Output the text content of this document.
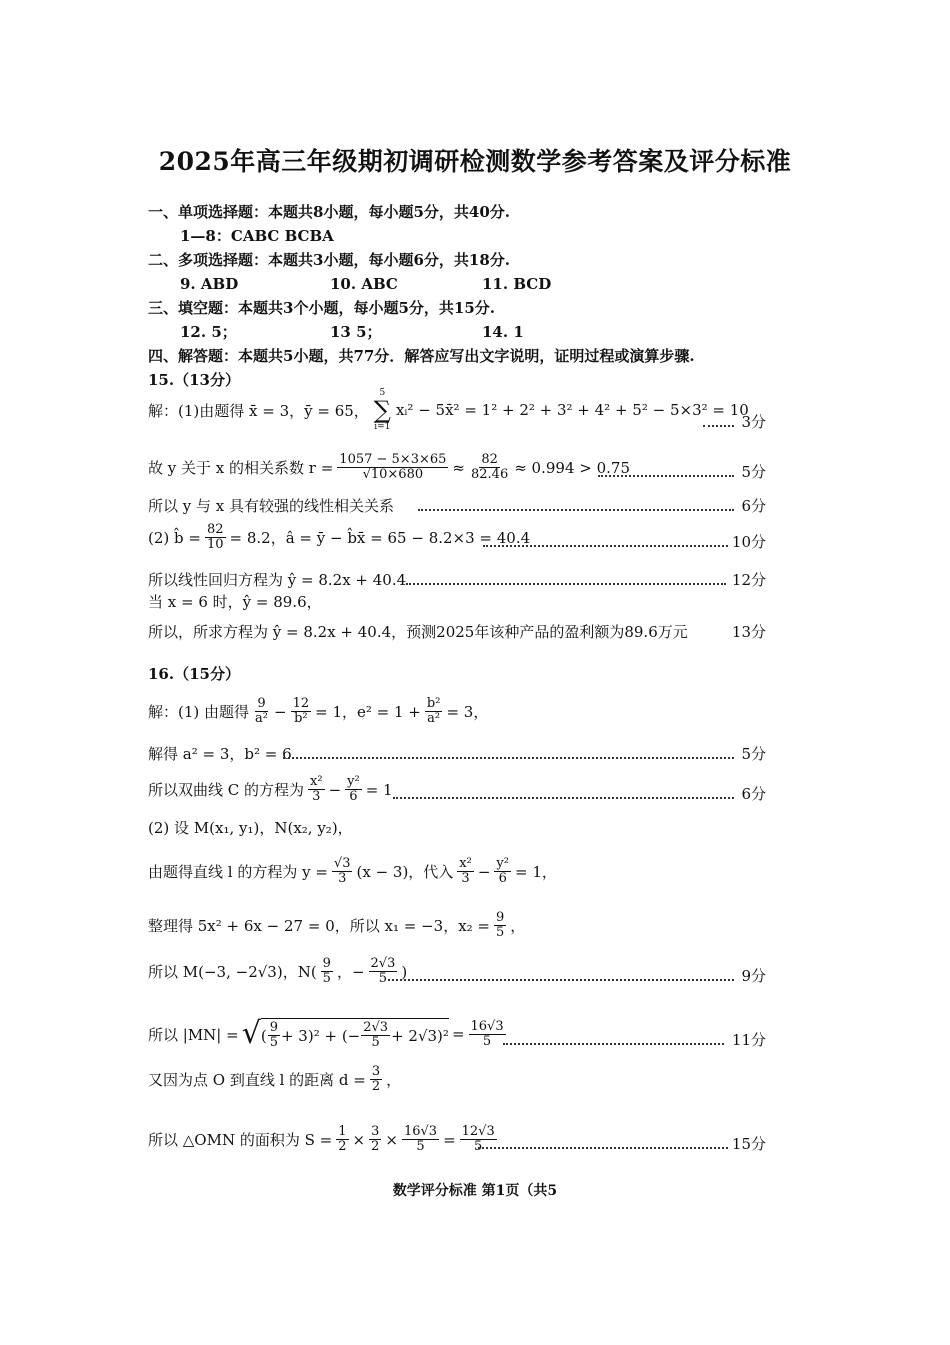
2025年高三年级期初调研检测数学参考答案及评分标准
一、单项选择题：本题共8小题，每小题5分，共40分.
1—8：CABC BCBA
二、多项选择题：本题共3小题，每小题6分，共18分.
9. ABD	10. ABC	11. BCD
三、填空题：本题共3个小题，每小题5分，共15分.
12. 5；	13 5；	14. 1
四、解答题：本题共5小题，共77分．解答应写出文字说明，证明过程或演算步骤.
15.（13分）
解：(1)由题得 x̄ = 3，ȳ = 65，
5
∑
i=1
xᵢ² − 5x̄² = 1² + 2² + 3² + 4² + 5² − 5×3² = 10
3分
故 y 关于 x 的相关系数 $r = \frac{1057 - 5\times 3\times 65}{√10\times 680} \approx \frac{82}{82.46} \approx 0.994 > 0.75$	5分
所以 y 与 x 具有较强的线性相关关系	6分
(2) b̂ = $\frac{82}{10} = 8.2$，â = ȳ − b̂x̄ = 65 − 8.2×3 = 40.4	10分
所以线性回归方程为 ŷ = 8.2x + 40.4	12分
当 x = 6 时，ŷ = 89.6，
所以，所求方程为 ŷ = 8.2x + 40.4，预测2025年该种产品的盈利额为89.6万元	13分
16.（15分）
解：(1) 由题得 $\frac{9}{\text{a²}} - \frac{12}{\text{b²}} = 1$，$e^2 = 1 + \frac{\text{b²}}{\text{a²}} = 3$，
解得 a² = 3，b² = 6	5分
所以双曲线 C 的方程为 $\frac{\text{x²}}{3} - \frac{\text{y²}}{6} = 1$	6分
(2) 设 M(x₁, y₁)，N(x₂, y₂)，
由题得直线 l 的方程为 $y = \frac{√3}{3} (x - 3)$，代入 $\frac{\text{x²}}{3} - \frac{\text{y²}}{6} = 1$，
整理得 5x² + 6x − 27 = 0，所以 x₁ = −3，$x_2 = \frac{9}{5}$ ，
所以 M(−3, −2√3)，$N( \frac{9}{5}$ ，− $\frac{2√3}{5}$ )	9分
所以 |MN| = √ ( $\frac{9}{5} + 3)^2$ + (− $\frac{2√3}{5} + 2√3)^2 = \frac{16√3}{5}$	11分
又因为点 O 到直线 l 的距离 $d = \frac{3}{2}$ ，
所以 △OMN 的面积为 $S = \frac{1}{2} \times \frac{3}{2} \times \frac{16√3}{5} = \frac{12√3}{5}$	15分
数学评分标准 第1页（共5
